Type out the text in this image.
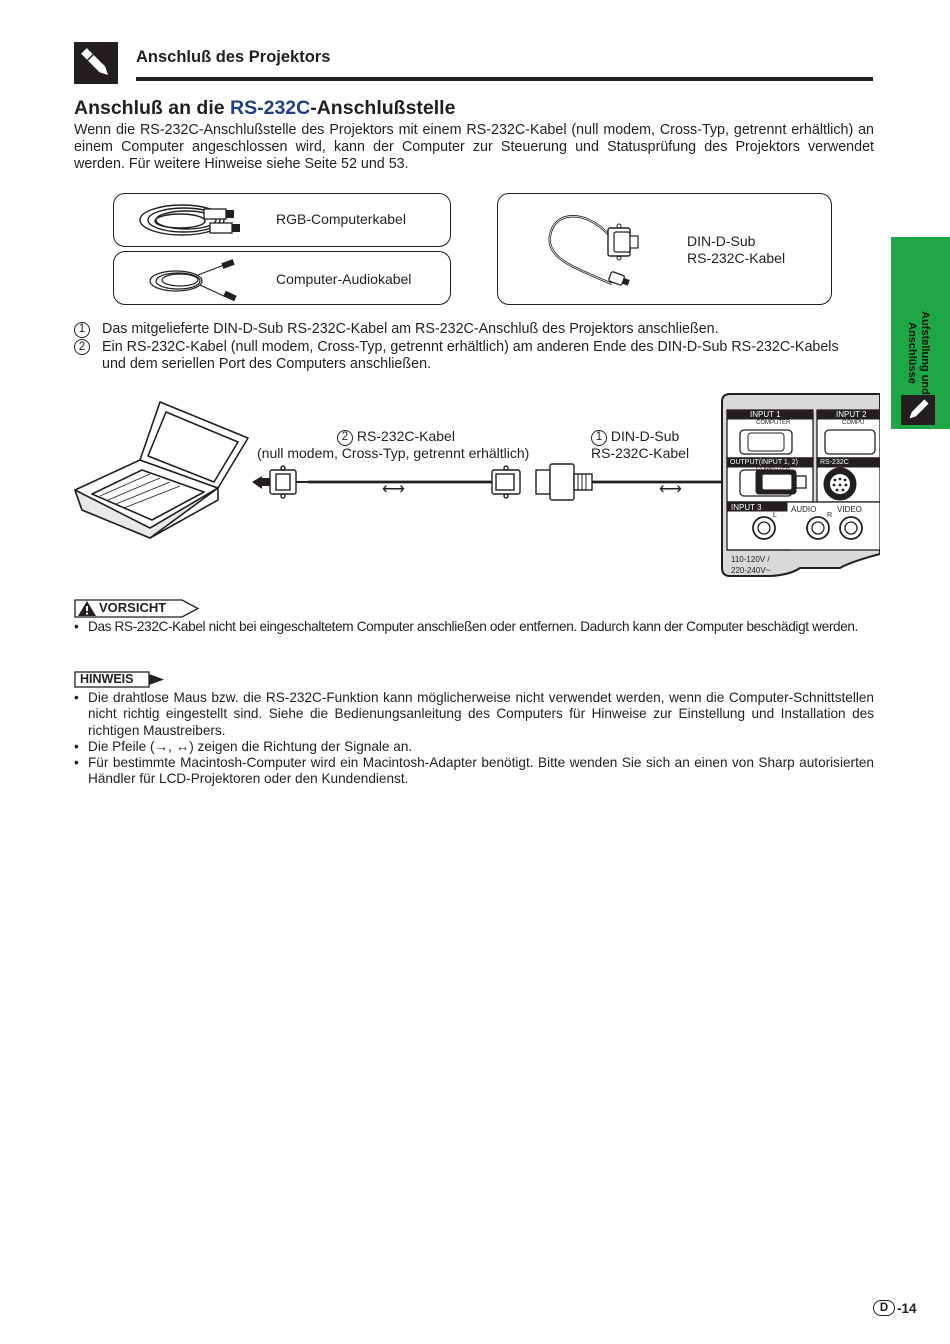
Anschluß des Projektors
Anschluß an die RS-232C-Anschlußstelle

Wenn die RS-232C-Anschlußstelle des Projektors mit einem RS-232C-Kabel (null modem, Cross-Typ, getrennt erhältlich) an einem Computer angeschlossen wird, kann der Computer zur Steuerung und Statusprüfung des Projektors verwendet werden. Für weitere Hinweise siehe Seite 52 und 53.

RGB-Computerkabel
Computer-Audiokabel
DIN-D-Sub
RS-232C-Kabel
1	Das mitgelieferte DIN-D-Sub RS-232C-Kabel am RS-232C-Anschluß des Projektors anschließen.
2	Ein RS-232C-Kabel (null modem, Cross-Typ, getrennt erhältlich) am anderen Ende des DIN-D-Sub RS-232C-Kabels und dem seriellen Port des Computers anschließen.
2 RS-232C-Kabel
(null modem, Cross-Typ, getrennt erhältlich)
1 DIN-D-Sub
RS-232C-Kabel
⟷	⟷
INPUT 1
COMPUTER
INPUT 2
COMPU
OUTPUT(INPUT 1, 2)
COMPUTER
RS-232C
INPUT 3	AUDIO	VIDEO
L	R
110-120V /
220-240V~
VORSICHT
• Das RS-232C-Kabel nicht bei eingeschaltetem Computer anschließen oder entfernen. Dadurch kann der Computer beschädigt werden.
HINWEIS
• Die drahtlose Maus bzw. die RS-232C-Funktion kann möglicherweise nicht verwendet werden, wenn die Computer-Schnittstellen nicht richtig eingestellt sind. Siehe die Bedienungsanleitung des Computers für Hinweise zur Einstellung und Installation des richtigen Maustreibers.
• Die Pfeile (→, ↔) zeigen die Richtung der Signale an.
• Für bestimmte Macintosh-Computer wird ein Macintosh-Adapter benötigt. Bitte wenden Sie sich an einen von Sharp autorisierten Händler für LCD-Projektoren oder den Kundendienst.
Aufstellung und
Anschlüsse
D -14
